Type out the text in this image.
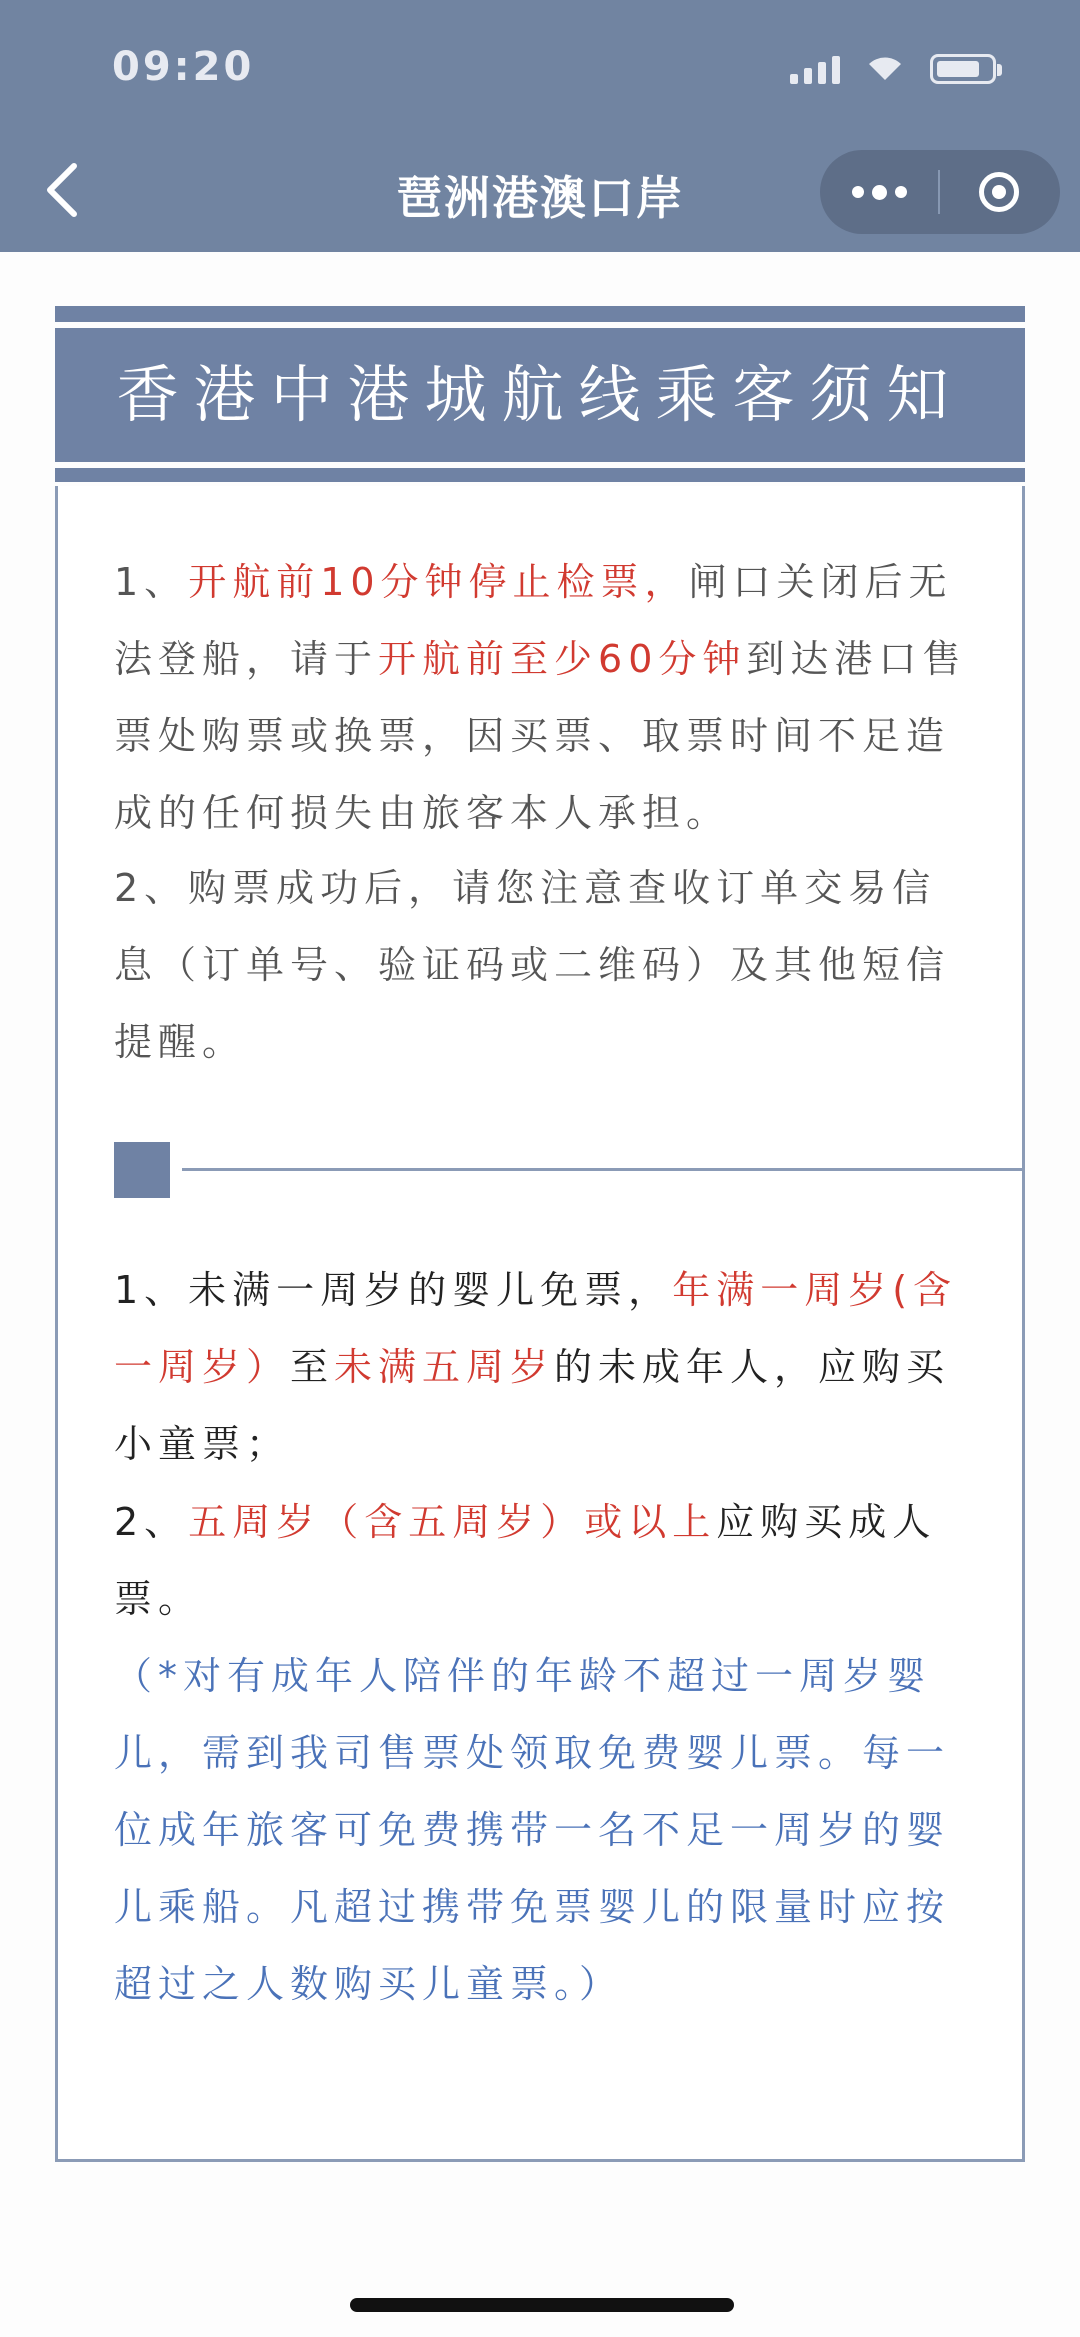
09:20
琶洲港澳口岸
香港中港城航线乘客须知

1、开航前10分钟停止检票，闸口关闭后无法登船，请于开航前至少60分钟到达港口售票处购票或换票，因买票、取票时间不足造成的任何损失由旅客本人承担。

2、购票成功后，请您注意查收订单交易信息（订单号、验证码或二维码）及其他短信提醒。

1、未满一周岁的婴儿免票，年满一周岁(含一周岁）至未满五周岁的未成年人，应购买小童票；

2、五周岁（含五周岁）或以上应购买成人票。

（*对有成年人陪伴的年龄不超过一周岁婴儿，需到我司售票处领取免费婴儿票。每一位成年旅客可免费携带一名不足一周岁的婴儿乘船。凡超过携带免票婴儿的限量时应按超过之人数购买儿童票。）
